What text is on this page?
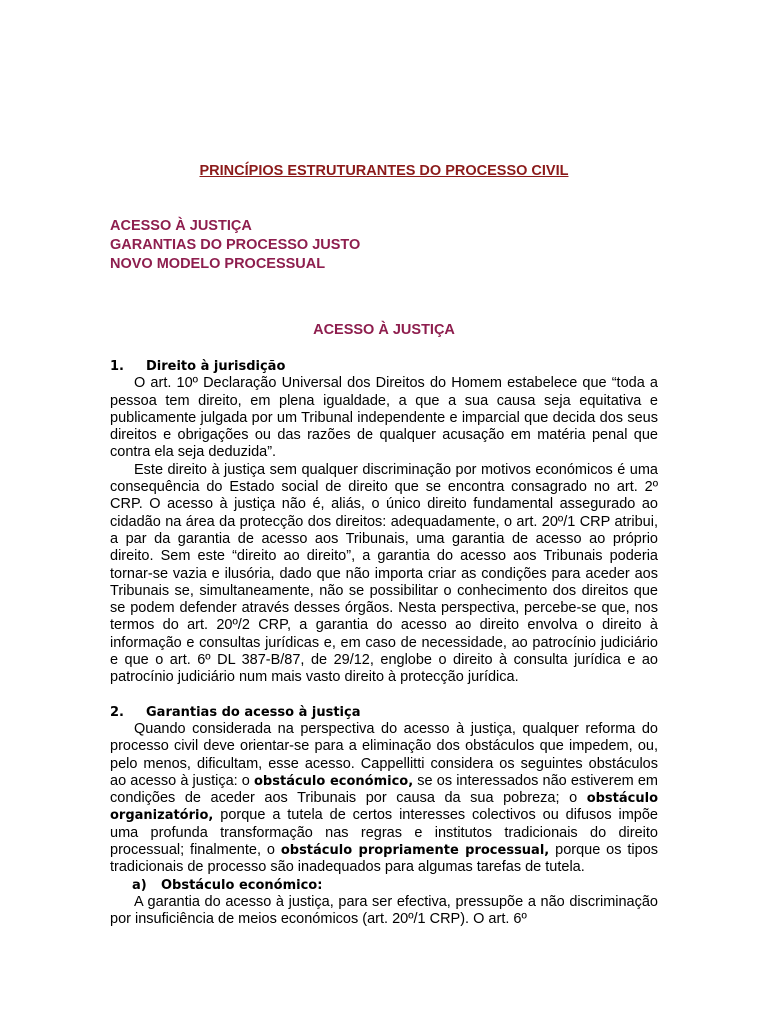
PRINCÍPIOS ESTRUTURANTES DO PROCESSO CIVIL
ACESSO À JUSTIÇA
GARANTIAS DO PROCESSO JUSTO
NOVO MODELO PROCESSUAL
ACESSO À JUSTIÇA
1. Direito à jurisdição

O art. 10º Declaração Universal dos Direitos do Homem estabelece que “toda a pessoa tem direito, em plena igualdade, a que a sua causa seja equitativa e publicamente julgada por um Tribunal independente e imparcial que decida dos seus direitos e obrigações ou das razões de qualquer acusação em matéria penal que contra ela seja deduzida”.

Este direito à justiça sem qualquer discriminação por motivos económicos é uma consequência do Estado social de direito que se encontra consagrado no art. 2º CRP. O acesso à justiça não é, aliás, o único direito fundamental assegurado ao cidadão na área da protecção dos direitos: adequadamente, o art. 20º/1 CRP atribui, a par da garantia de acesso aos Tribunais, uma garantia de acesso ao próprio direito. Sem este “direito ao direito”, a garantia do acesso aos Tribunais poderia tornar-se vazia e ilusória, dado que não importa criar as condições para aceder aos Tribunais se, simultaneamente, não se possibilitar o conhecimento dos direitos que se podem defender através desses órgãos. Nesta perspectiva, percebe-se que, nos termos do art. 20º/2 CRP, a garantia do acesso ao direito envolva o direito à informação e consultas jurídicas e, em caso de necessidade, ao patrocínio judiciário e que o art. 6º DL 387-B/87, de 29/12, englobe o direito à consulta jurídica e ao patrocínio judiciário num mais vasto direito à protecção jurídica.

2. Garantias do acesso à justiça

Quando considerada na perspectiva do acesso à justiça, qualquer reforma do processo civil deve orientar-se para a eliminação dos obstáculos que impedem, ou, pelo menos, dificultam, esse acesso. Cappellitti considera os seguintes obstáculos ao acesso à justiça: o obstáculo económico, se os interessados não estiverem em condições de aceder aos Tribunais por causa da sua pobreza; o obstáculo organizatório, porque a tutela de certos interesses colectivos ou difusos impõe uma profunda transformação nas regras e institutos tradicionais do direito processual; finalmente, o obstáculo propriamente processual, porque os tipos tradicionais de processo são inadequados para algumas tarefas de tutela.

a) Obstáculo económico:

A garantia do acesso à justiça, para ser efectiva, pressupõe a não discriminação por insuficiência de meios económicos (art. 20º/1 CRP). O art. 6º
